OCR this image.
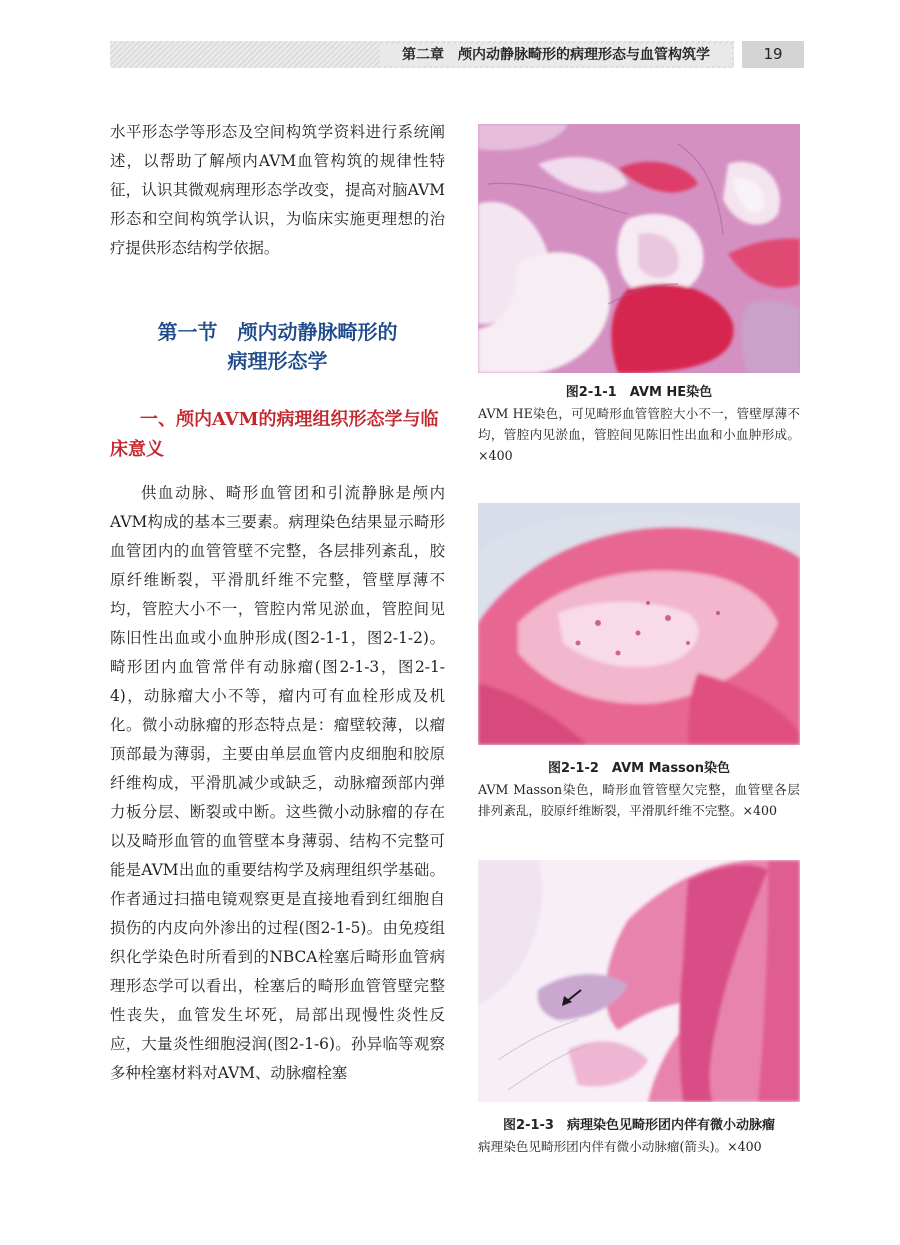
第二章　颅内动静脉畸形的病理形态与血管构筑学	19

水平形态学等形态及空间构筑学资料进行系统阐述，以帮助了解颅内AVM血管构筑的规律性特征，认识其微观病理形态学改变，提高对脑AVM形态和空间构筑学认识，为临床实施更理想的治疗提供形态结构学依据。

第一节　颅内动静脉畸形的
病理形态学
一、颅内AVM的病理组织形态学与临床意义

供血动脉、畸形血管团和引流静脉是颅内AVM构成的基本三要素。病理染色结果显示畸形血管团内的血管管壁不完整，各层排列紊乱，胶原纤维断裂，平滑肌纤维不完整，管壁厚薄不均，管腔大小不一，管腔内常见淤血，管腔间见陈旧性出血或小血肿形成(图2-1-1，图2-1-2)。畸形团内血管常伴有动脉瘤(图2-1-3，图2-1-4)，动脉瘤大小不等，瘤内可有血栓形成及机化。微小动脉瘤的形态特点是：瘤壁较薄，以瘤顶部最为薄弱，主要由单层血管内皮细胞和胶原纤维构成，平滑肌减少或缺乏，动脉瘤颈部内弹力板分层、断裂或中断。这些微小动脉瘤的存在以及畸形血管的血管壁本身薄弱、结构不完整可能是AVM出血的重要结构学及病理组织学基础。作者通过扫描电镜观察更是直接地看到红细胞自损伤的内皮向外渗出的过程(图2-1-5)。由免疫组织化学染色时所看到的NBCA栓塞后畸形血管病理形态学可以看出，栓塞后的畸形血管管壁完整性丧失，血管发生坏死，局部出现慢性炎性反应，大量炎性细胞浸润(图2-1-6)。孙异临等观察多种栓塞材料对AVM、动脉瘤栓塞

图2-1-1　AVM HE染色

AVM HE染色，可见畸形血管管腔大小不一，管壁厚薄不均，管腔内见淤血，管腔间见陈旧性出血和小血肿形成。×400

图2-1-2　AVM Masson染色

AVM Masson染色，畸形血管管壁欠完整，血管壁各层排列紊乱，胶原纤维断裂，平滑肌纤维不完整。×400

图2-1-3　病理染色见畸形团内伴有微小动脉瘤

病理染色见畸形团内伴有微小动脉瘤(箭头)。×400
